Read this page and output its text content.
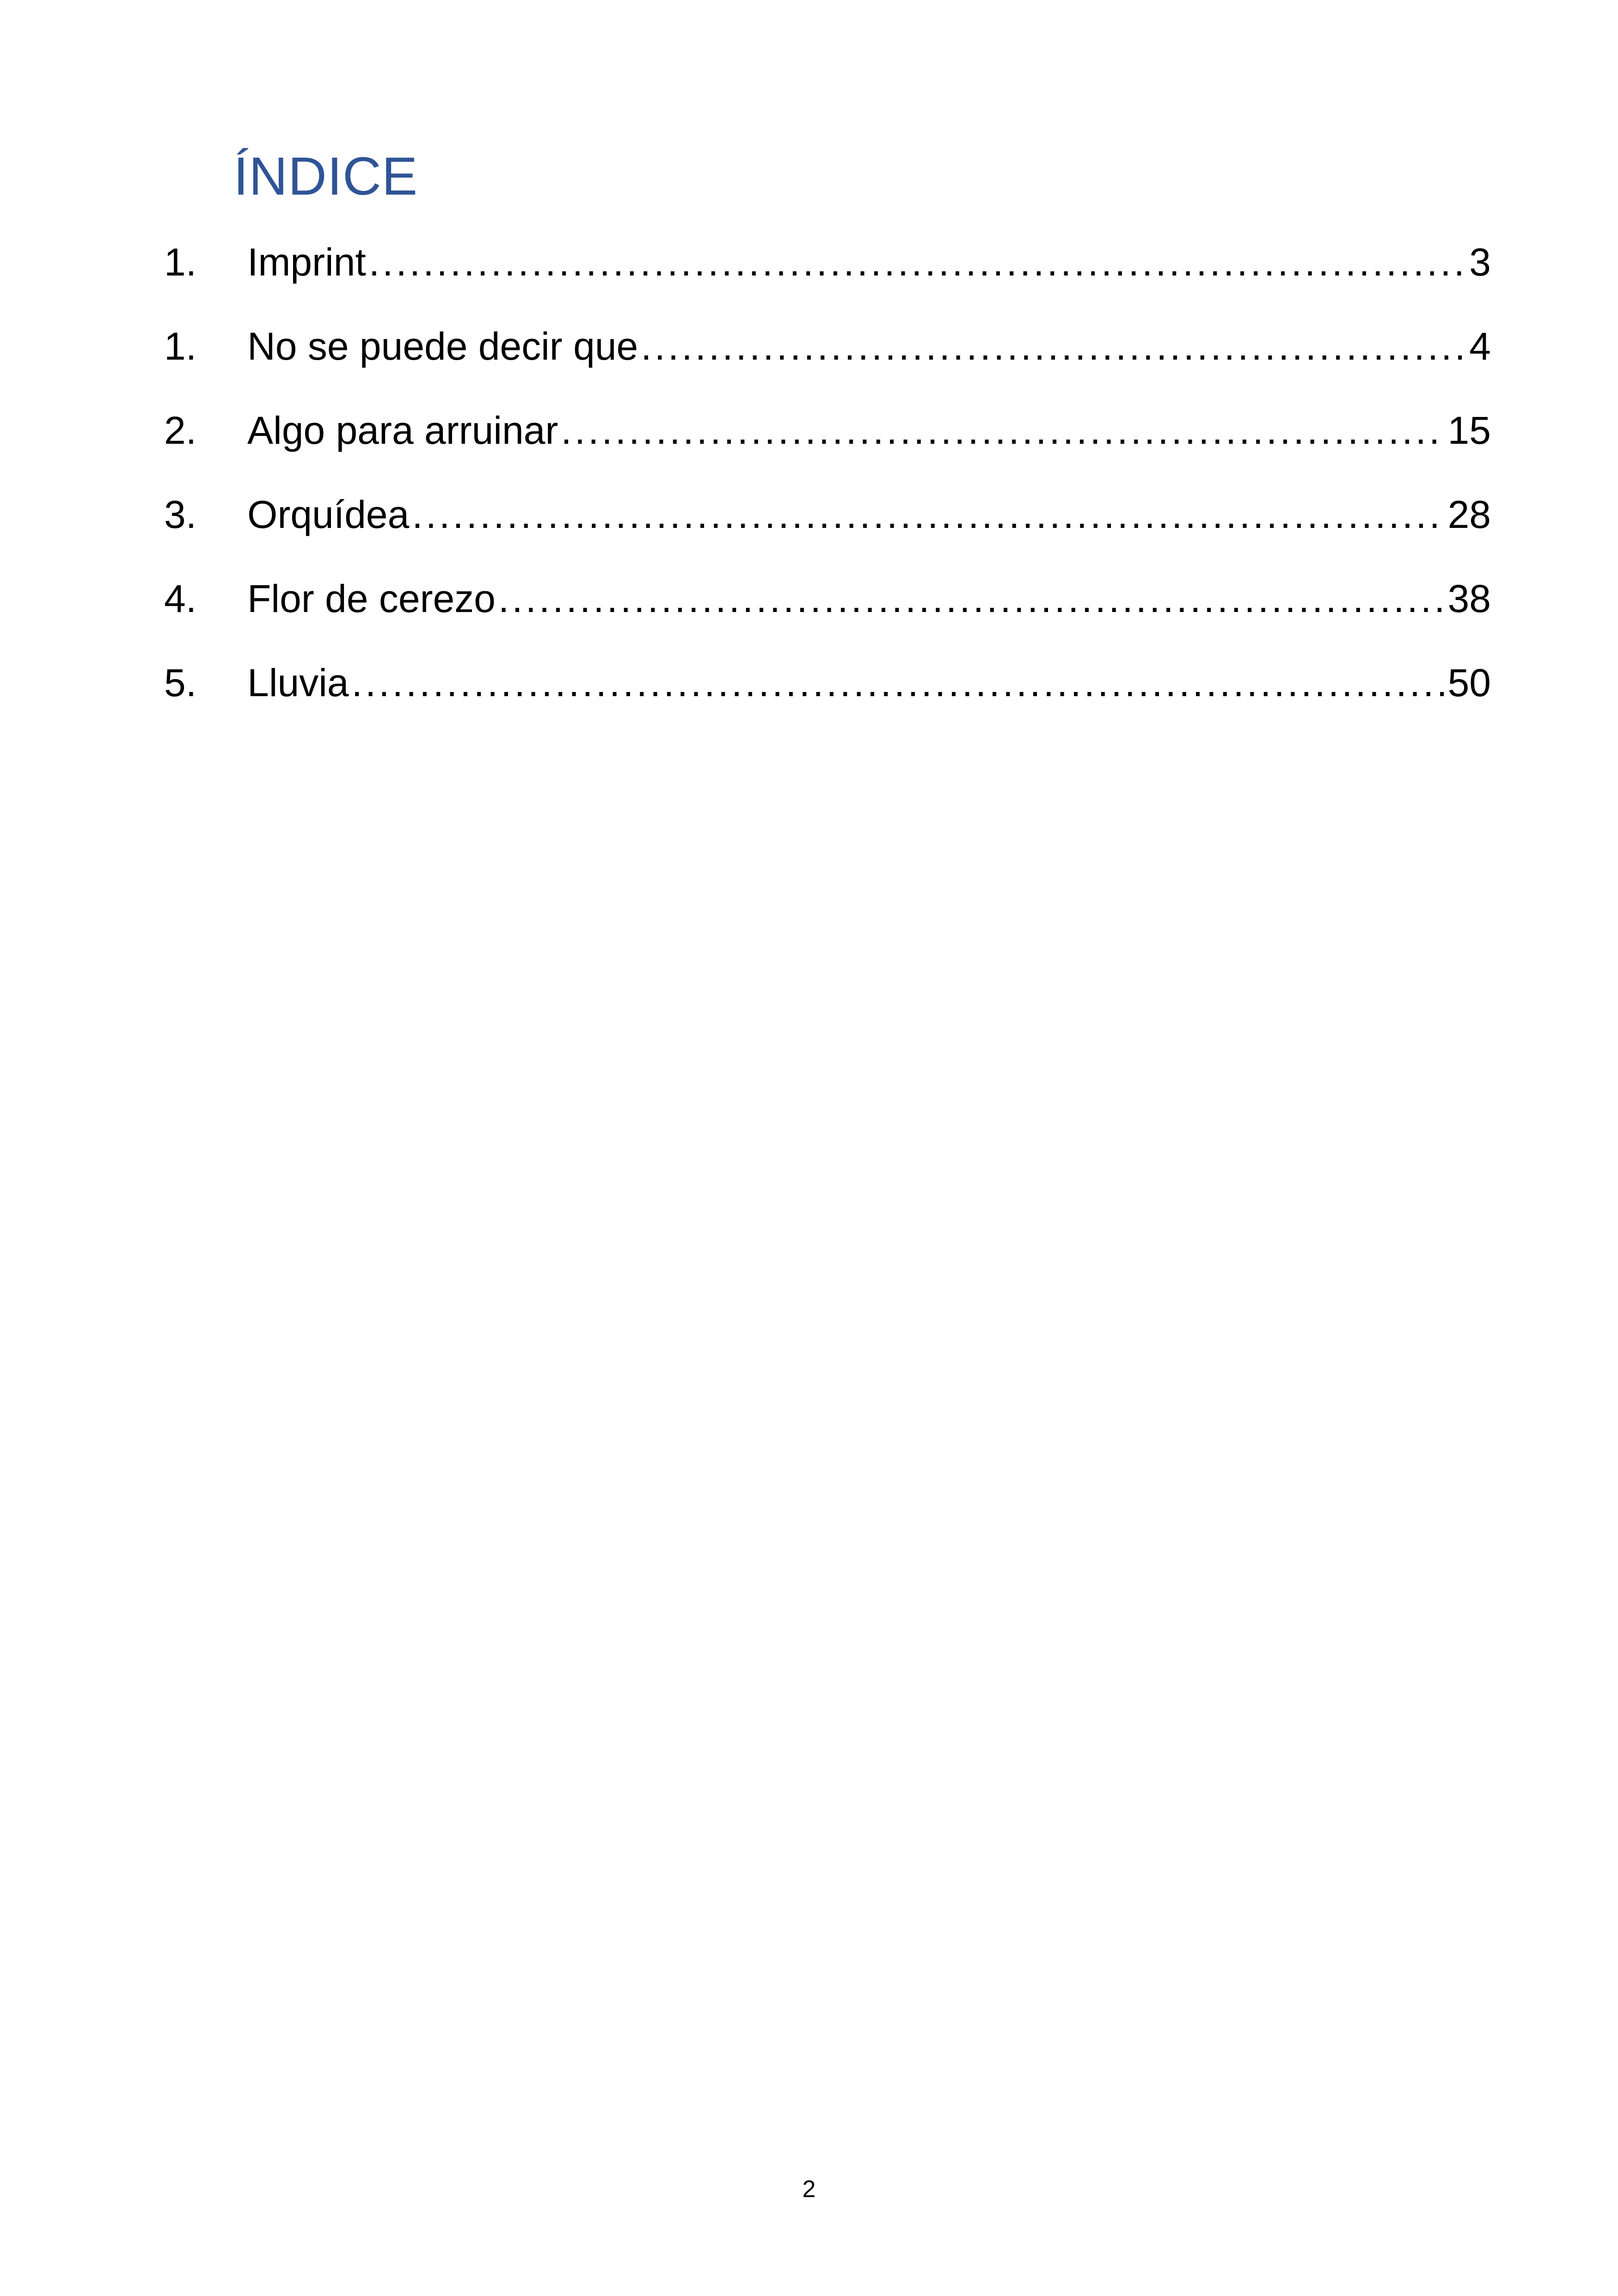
ÍNDICE
1.	Imprint .....	3
1.	No se puede decir que .....	4
2.	Algo para arruinar .....	15
3.	Orquídea .....	28
4.	Flor de cerezo .....	38
5.	Lluvia .....	50
2
